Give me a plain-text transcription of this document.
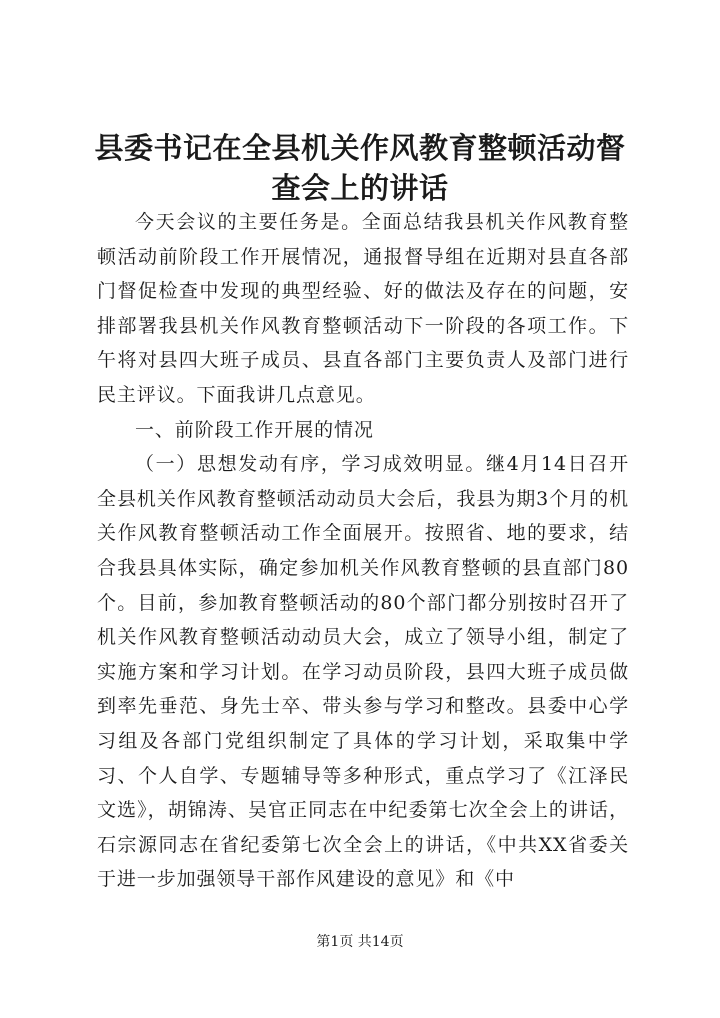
县委书记在全县机关作风教育整顿活动督查会上的讲话

今天会议的主要任务是。全面总结我县机关作风教育整顿活动前阶段工作开展情况，通报督导组在近期对县直各部门督促检查中发现的典型经验、好的做法及存在的问题，安排部署我县机关作风教育整顿活动下一阶段的各项工作。下午将对县四大班子成员、县直各部门主要负责人及部门进行民主评议。下面我讲几点意见。

一、前阶段工作开展的情况

（一）思想发动有序，学习成效明显。继4月14日召开全县机关作风教育整顿活动动员大会后，我县为期3个月的机关作风教育整顿活动工作全面展开。按照省、地的要求，结合我县具体实际，确定参加机关作风教育整顿的县直部门80个。目前，参加教育整顿活动的80个部门都分别按时召开了机关作风教育整顿活动动员大会，成立了领导小组，制定了实施方案和学习计划。在学习动员阶段，县四大班子成员做到率先垂范、身先士卒、带头参与学习和整改。县委中心学习组及各部门党组织制定了具体的学习计划，采取集中学习、个人自学、专题辅导等多种形式，重点学习了《江泽民文选》，胡锦涛、吴官正同志在中纪委第七次全会上的讲话，石宗源同志在省纪委第七次全会上的讲话，《中共XX省委关于进一步加强领导干部作风建设的意见》和《中

第1页 共14页
